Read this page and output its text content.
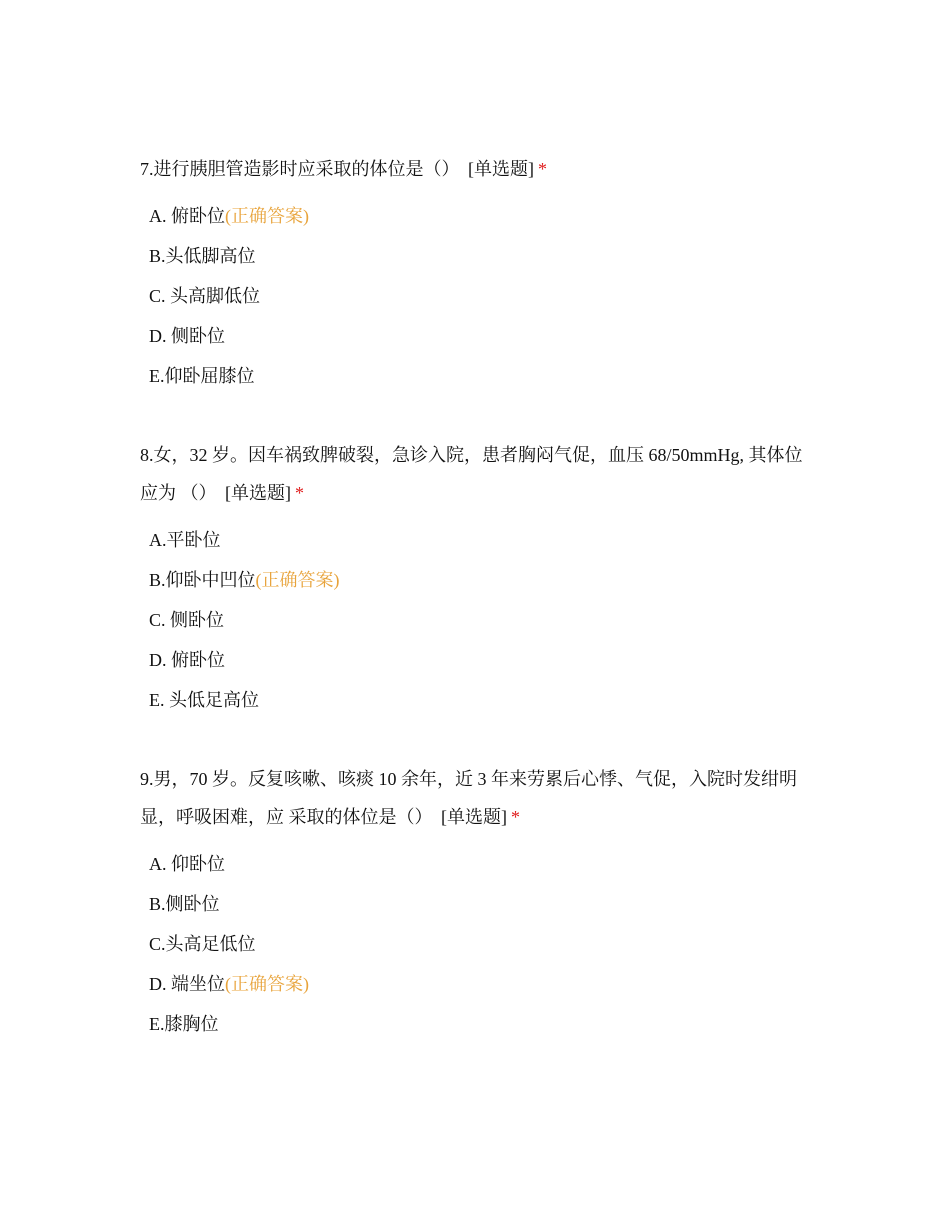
7.进行胰胆管造影时应采取的体位是（） [单选题] *

A. 俯卧位(正确答案)
B.头低脚高位
C. 头高脚低位
D. 侧卧位
E.仰卧屈膝位

8.女，32 岁。因车祸致脾破裂，急诊入院，患者胸闷气促，血压 68/50mmHg, 其体位应为 （） [单选题] *

A.平卧位
B.仰卧中凹位(正确答案)
C. 侧卧位
D. 俯卧位
E. 头低足高位

9.男，70 岁。反复咳嗽、咳痰 10 余年，近 3 年来劳累后心悸、气促，入院时发绀明显，呼吸困难，应 采取的体位是（） [单选题] *

A. 仰卧位
B.侧卧位
C.头高足低位
D. 端坐位(正确答案)
E.膝胸位
